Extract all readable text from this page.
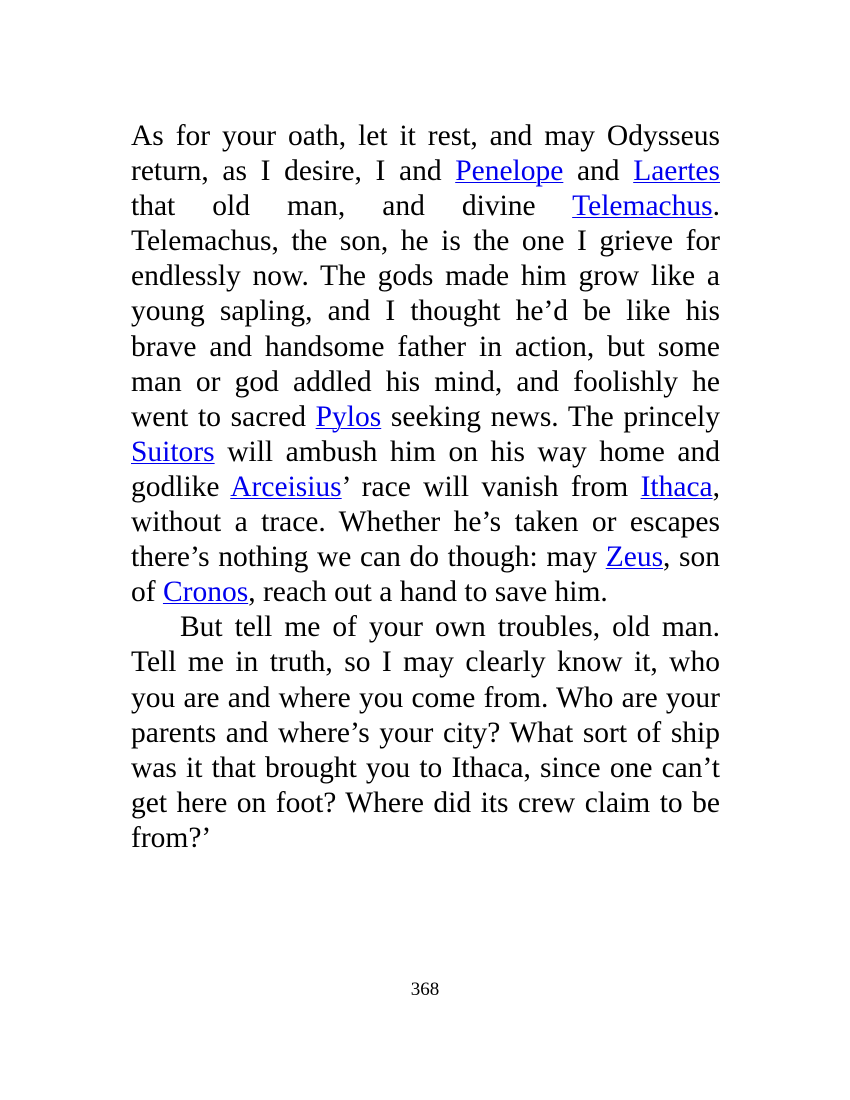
As for your oath, let it rest, and may Odysseus return, as I desire, I and Penelope and Laertes that old man, and divine Telemachus. Telemachus, the son, he is the one I grieve for endlessly now. The gods made him grow like a young sapling, and I thought he’d be like his brave and handsome father in action, but some man or god addled his mind, and foolishly he went to sacred Pylos seeking news. The princely Suitors will ambush him on his way home and godlike Arceisius’ race will vanish from Ithaca, without a trace. Whether he’s taken or escapes there’s nothing we can do though: may Zeus, son of Cronos, reach out a hand to save him.

But tell me of your own troubles, old man. Tell me in truth, so I may clearly know it, who you are and where you come from. Who are your parents and where’s your city? What sort of ship was it that brought you to Ithaca, since one can’t get here on foot? Where did its crew claim to be from?’

368
